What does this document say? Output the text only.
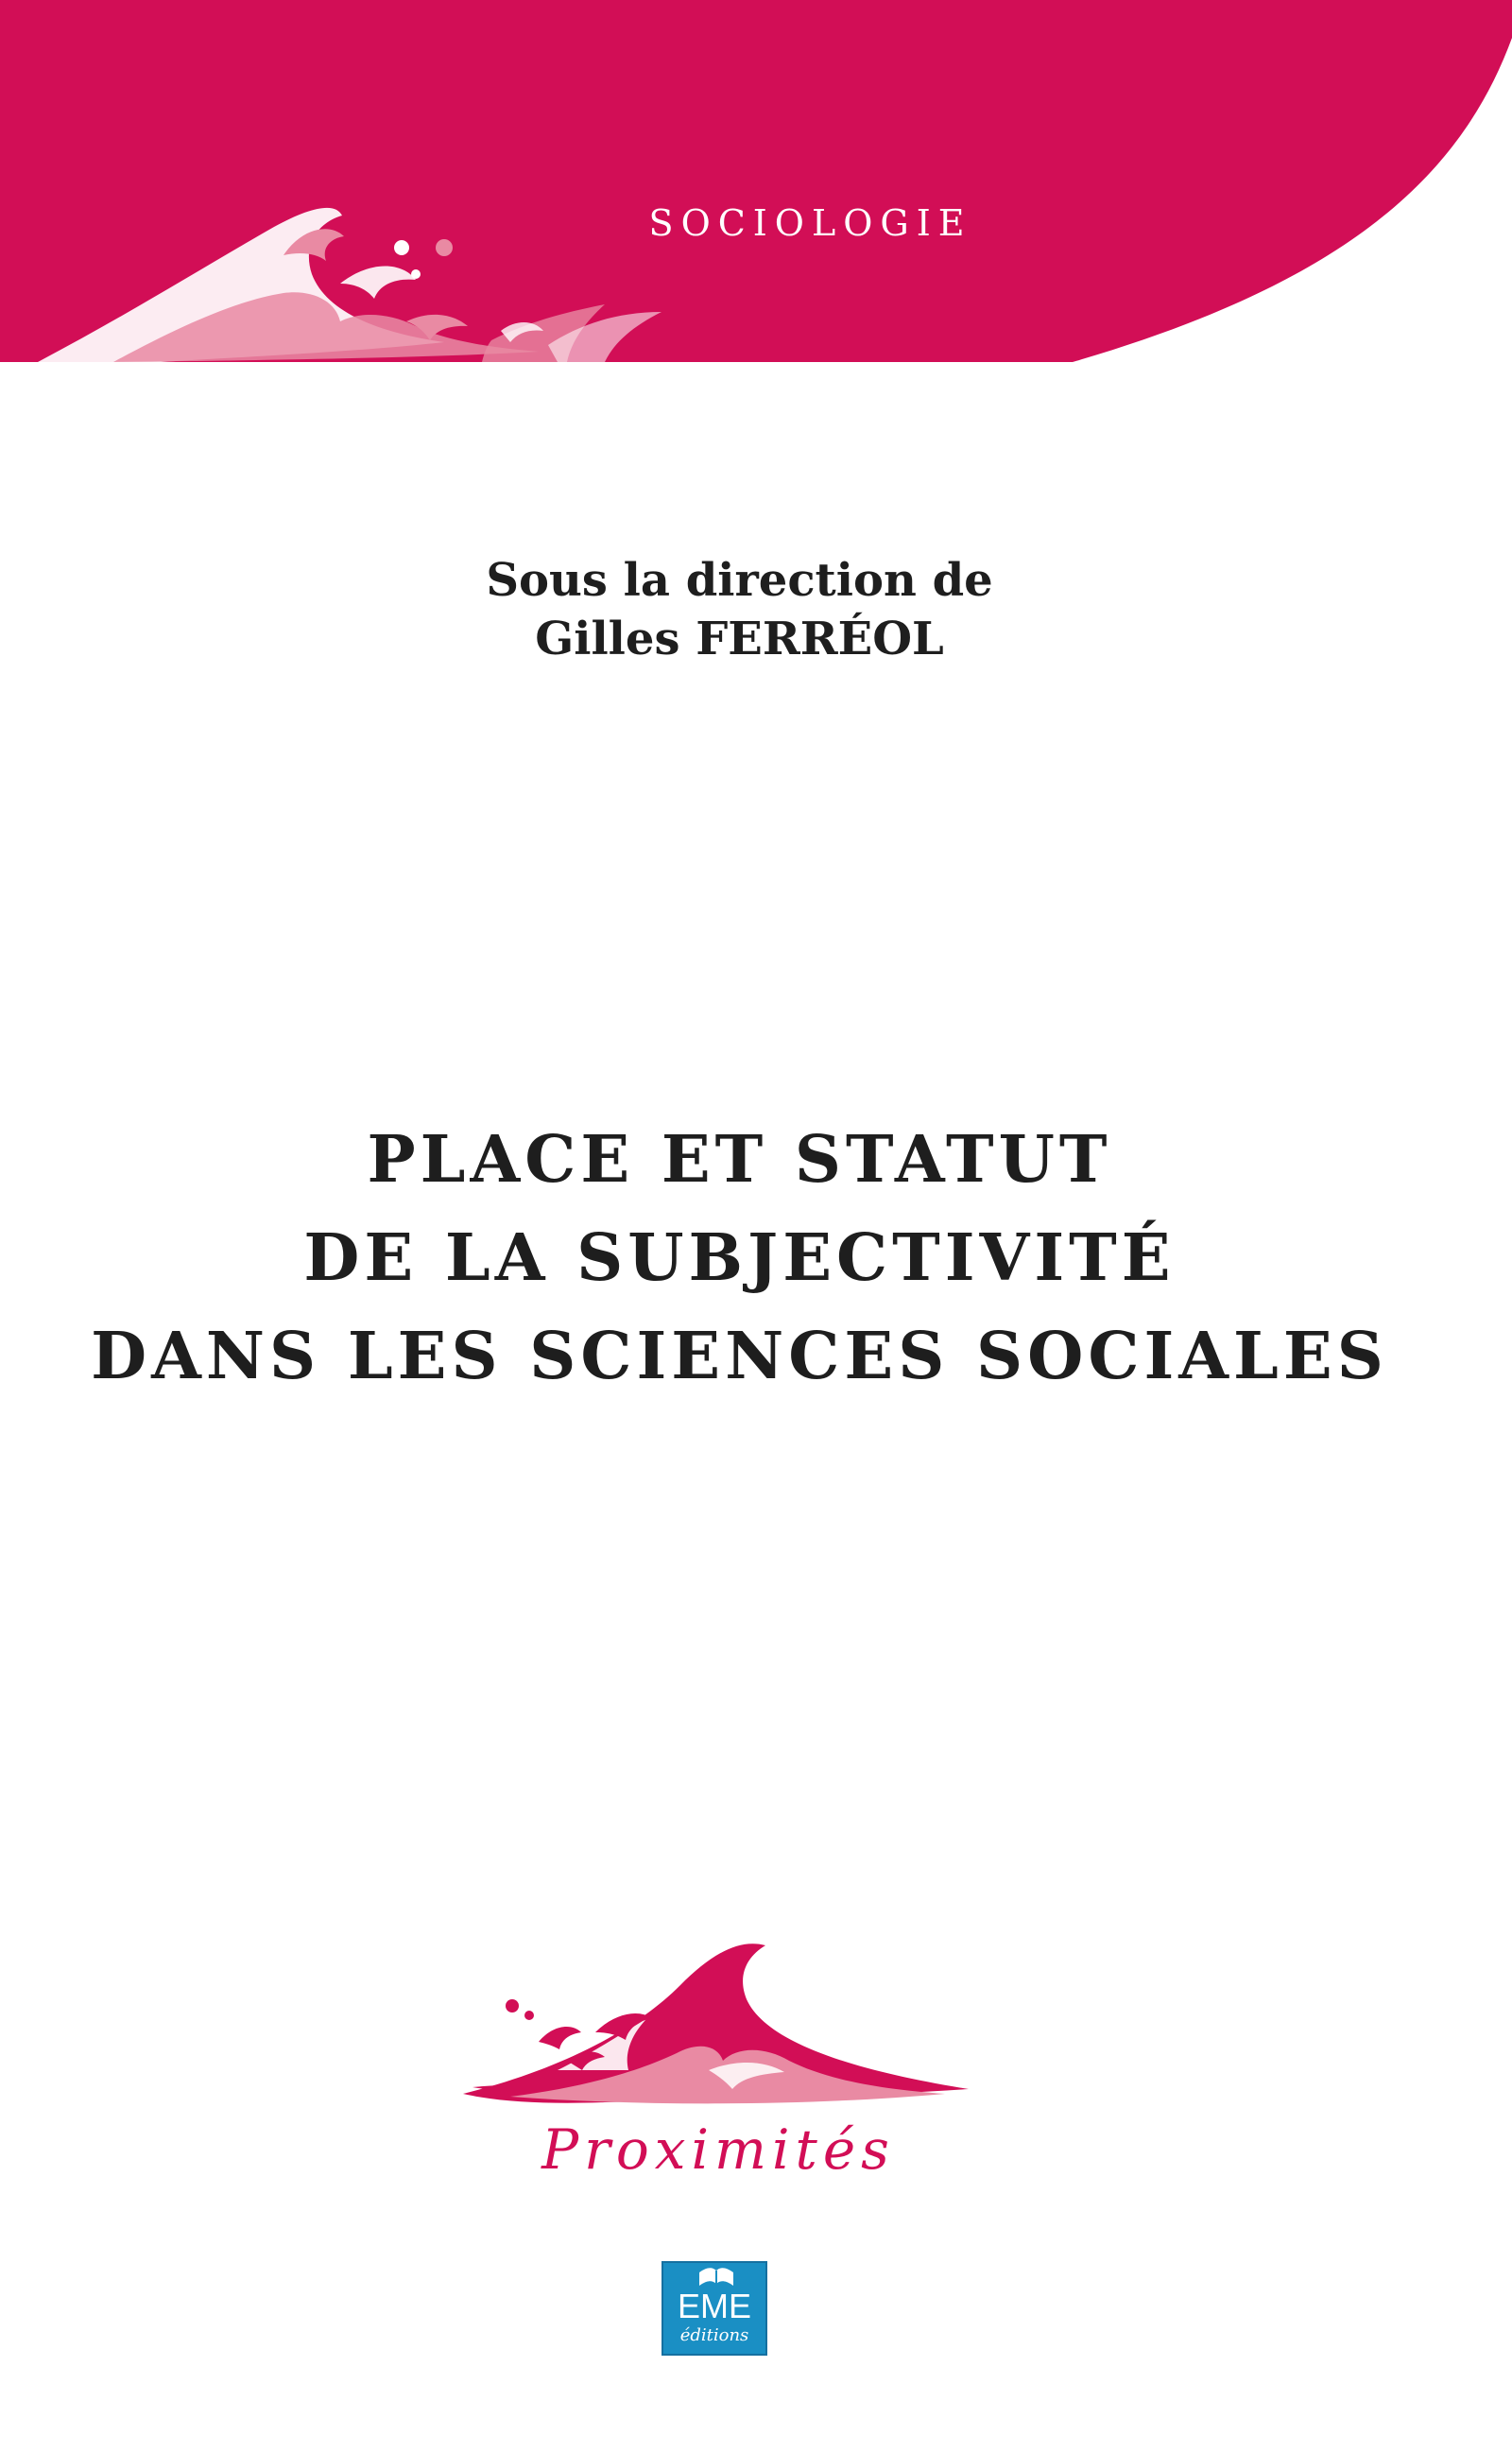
SOCIOLOGIE
Sous la direction de
Gilles FERRÉOL
PLACE ET STATUT
DE LA SUBJECTIVITÉ
DANS LES SCIENCES SOCIALES
Proximités
EME
éditions
